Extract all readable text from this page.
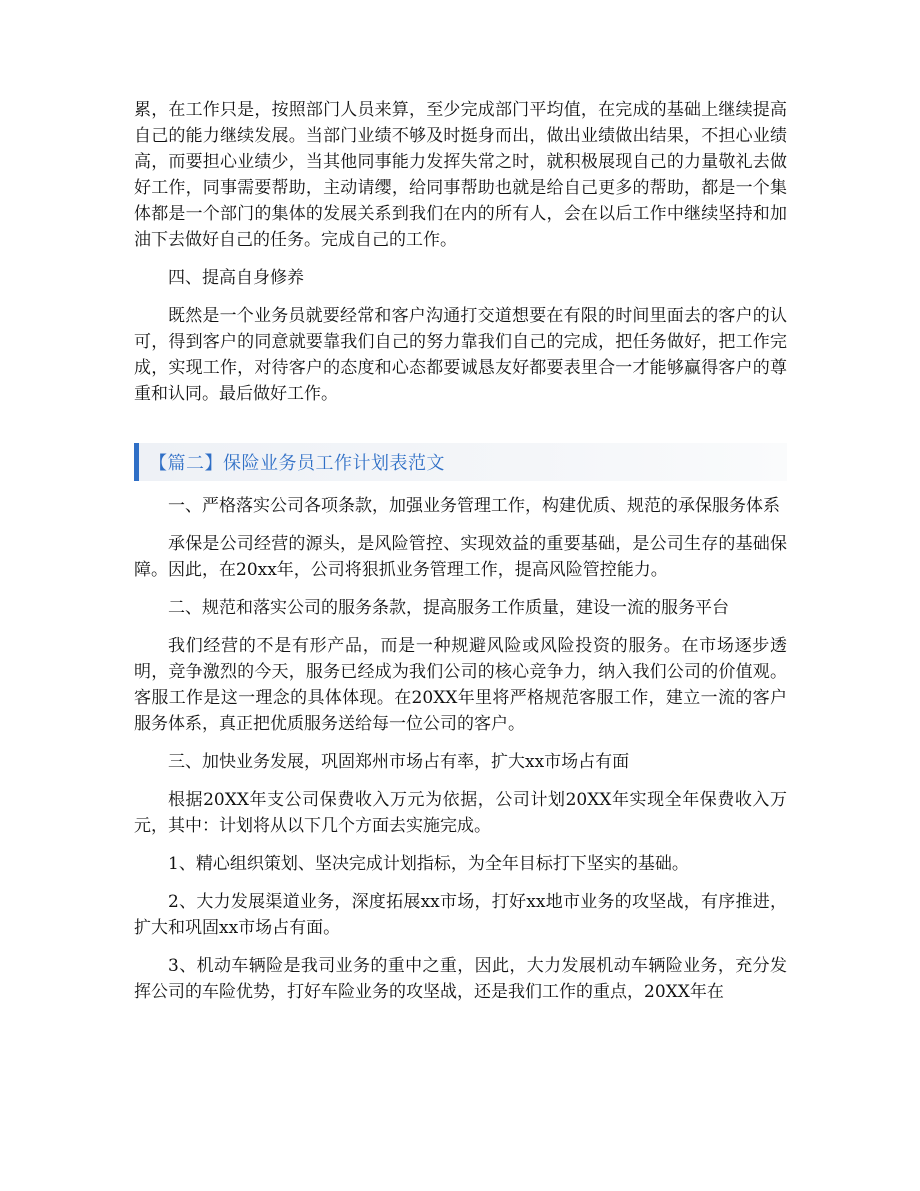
累，在工作只是，按照部门人员来算，至少完成部门平均值，在完成的基础上继续提高自己的能力继续发展。当部门业绩不够及时挺身而出，做出业绩做出结果，不担心业绩高，而要担心业绩少，当其他同事能力发挥失常之时，就积极展现自己的力量敬礼去做好工作，同事需要帮助，主动请缨，给同事帮助也就是给自己更多的帮助，都是一个集体都是一个部门的集体的发展关系到我们在内的所有人，会在以后工作中继续坚持和加油下去做好自己的任务。完成自己的工作。

四、提高自身修养

既然是一个业务员就要经常和客户沟通打交道想要在有限的时间里面去的客户的认可，得到客户的同意就要靠我们自己的努力靠我们自己的完成，把任务做好，把工作完成，实现工作，对待客户的态度和心态都要诚恳友好都要表里合一才能够赢得客户的尊重和认同。最后做好工作。

【篇二】保险业务员工作计划表范文

一、严格落实公司各项条款，加强业务管理工作，构建优质、规范的承保服务体系

承保是公司经营的源头，是风险管控、实现效益的重要基础，是公司生存的基础保障。因此，在20xx年，公司将狠抓业务管理工作，提高风险管控能力。

二、规范和落实公司的服务条款，提高服务工作质量，建设一流的服务平台

我们经营的不是有形产品，而是一种规避风险或风险投资的服务。在市场逐步透明，竞争激烈的今天，服务已经成为我们公司的核心竞争力，纳入我们公司的价值观。客服工作是这一理念的具体体现。在20XX年里将严格规范客服工作，建立一流的客户服务体系，真正把优质服务送给每一位公司的客户。

三、加快业务发展，巩固郑州市场占有率，扩大xx市场占有面

根据20XX年支公司保费收入万元为依据，公司计划20XX年实现全年保费收入万元，其中：计划将从以下几个方面去实施完成。

1、精心组织策划、坚决完成计划指标，为全年目标打下坚实的基础。

2、大力发展渠道业务，深度拓展xx市场，打好xx地市业务的攻坚战，有序推进，扩大和巩固xx市场占有面。

3、机动车辆险是我司业务的重中之重，因此，大力发展机动车辆险业务，充分发挥公司的车险优势，打好车险业务的攻坚战，还是我们工作的重点，20XX年在
